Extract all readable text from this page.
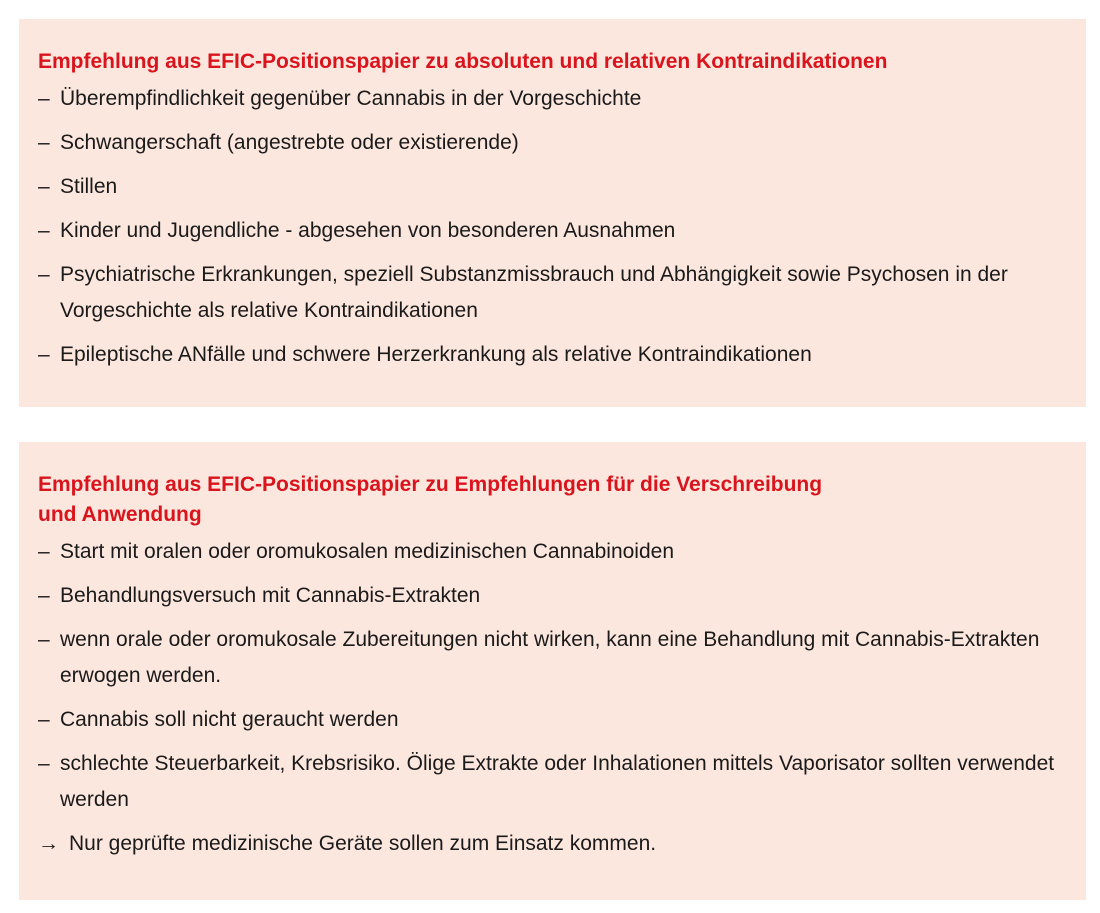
Empfehlung aus EFIC-Positionspapier zu absoluten und relativen Kontraindikationen
– Überempfindlichkeit gegenüber Cannabis in der Vorgeschichte
– Schwangerschaft (angestrebte oder existierende)
– Stillen
– Kinder und Jugendliche - abgesehen von besonderen Ausnahmen
– Psychiatrische Erkrankungen, speziell Substanzmissbrauch und Abhängigkeit sowie Psychosen in der Vorgeschichte als relative Kontraindikationen
– Epileptische ANfälle und schwere Herzerkrankung als relative Kontraindikationen
Empfehlung aus EFIC-Positionspapier zu Empfehlungen für die Verschreibung
und Anwendung
– Start mit oralen oder oromukosalen medizinischen Cannabinoiden
– Behandlungsversuch mit Cannabis-Extrakten
– wenn orale oder oromukosale Zubereitungen nicht wirken, kann eine Behandlung mit Cannabis-Extrakten erwogen werden.
– Cannabis soll nicht geraucht werden
– schlechte Steuerbarkeit, Krebsrisiko. Ölige Extrakte oder Inhalationen mittels Vaporisator sollten verwendet werden
→ Nur geprüfte medizinische Geräte sollen zum Einsatz kommen.
